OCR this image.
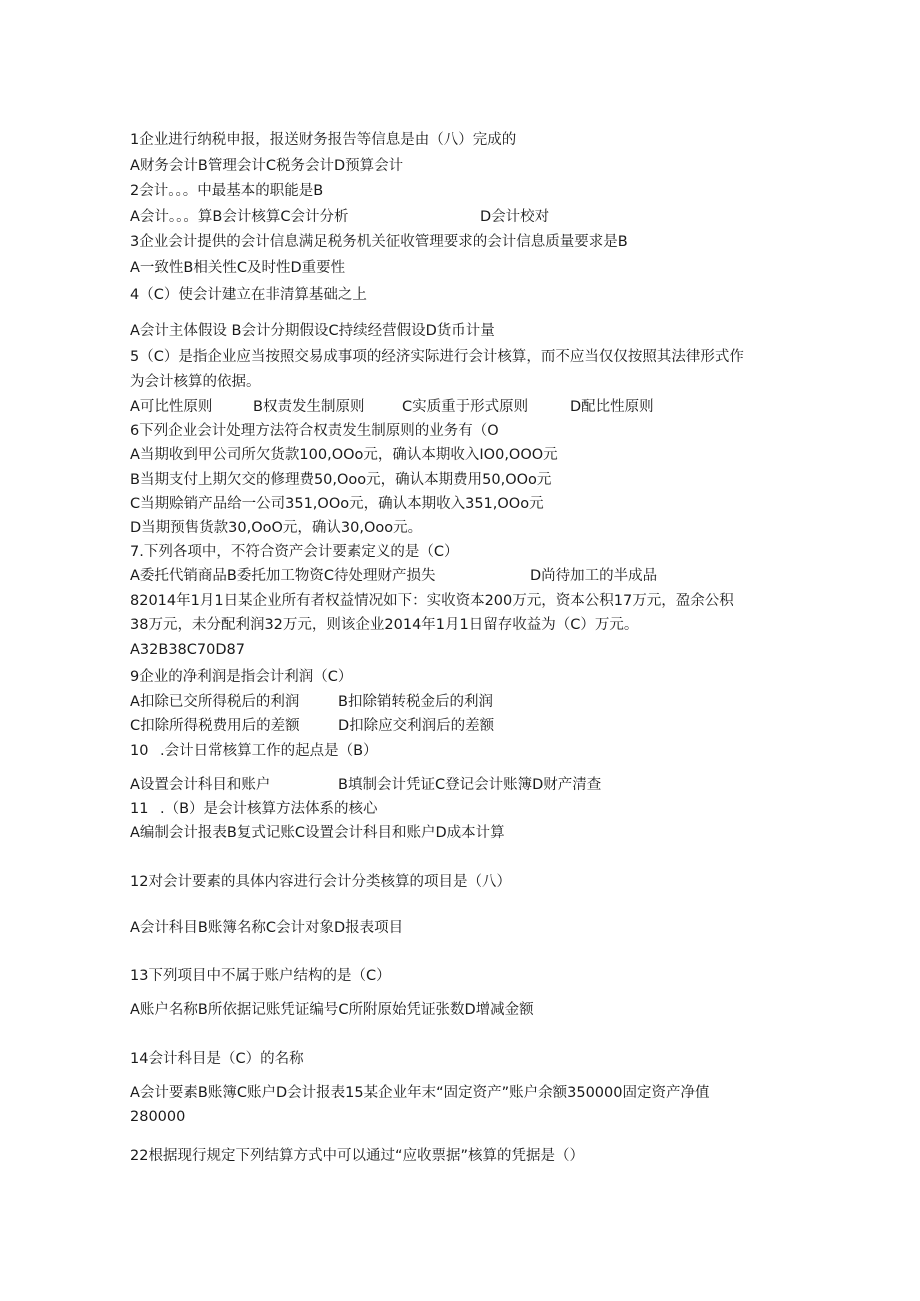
1企业进行纳税申报，报送财务报告等信息是由（八）完成的

A财务会计B管理会计C税务会计D预算会计

2会计。。。中最基本的职能是B

A会计。。。算B会计核算C会计分析	D会计校对

3企业会计提供的会计信息满足税务机关征收管理要求的会计信息质量要求是B

A一致性B相关性C及时性D重要性

4（C）使会计建立在非清算基础之上

A会计主体假设 B会计分期假设C持续经营假设D货币计量

5（C）是指企业应当按照交易成事项的经济实际进行会计核算，而不应当仅仅按照其法律形式作

为会计核算的依据。

A可比性原则	B权责发生制原则	C实质重于形式原则	D配比性原则

6下列企业会计处理方法符合权责发生制原则的业务有（O

A当期收到甲公司所欠货款100,OOo元，确认本期收入IO0,OOO元

B当期支付上期欠交的修理费50,Ooo元，确认本期费用50,OOo元

C当期赊销产品给一公司351,OOo元，确认本期收入351,OOo元

D当期预售货款30,OoO元，确认30,Ooo元。

7.下列各项中，不符合资产会计要素定义的是（C）

A委托代销商品B委托加工物资C待处理财产损失	D尚待加工的半成品

82014年1月1日某企业所有者权益情况如下：实收资本200万元，资本公积17万元，盈余公积

38万元，未分配利润32万元，则该企业2014年1月1日留存收益为（C）万元。

A32B38C70D87

9企业的净利润是指会计利润（C）

A扣除已交所得税后的利润	B扣除销转税金后的利润
C扣除所得税费用后的差额	D扣除应交利润后的差额
10 .会计日常核算工作的起点是（B）
A设置会计科目和账户	B填制会计凭证C登记会计账簿D财产清查
11 .（B）是会计核算方法体系的核心

A编制会计报表B复式记账C设置会计科目和账户D成本计算

12对会计要素的具体内容进行会计分类核算的项目是（八）

A会计科目B账簿名称C会计对象D报表项目

13下列项目中不属于账户结构的是（C）

A账户名称B所依据记账凭证编号C所附原始凭证张数D增减金额

14会计科目是（C）的名称

A会计要素B账簿C账户D会计报表15某企业年末“固定资产”账户余额350000固定资产净值

280000

22根据现行规定下列结算方式中可以通过“应收票据”核算的凭据是（）
